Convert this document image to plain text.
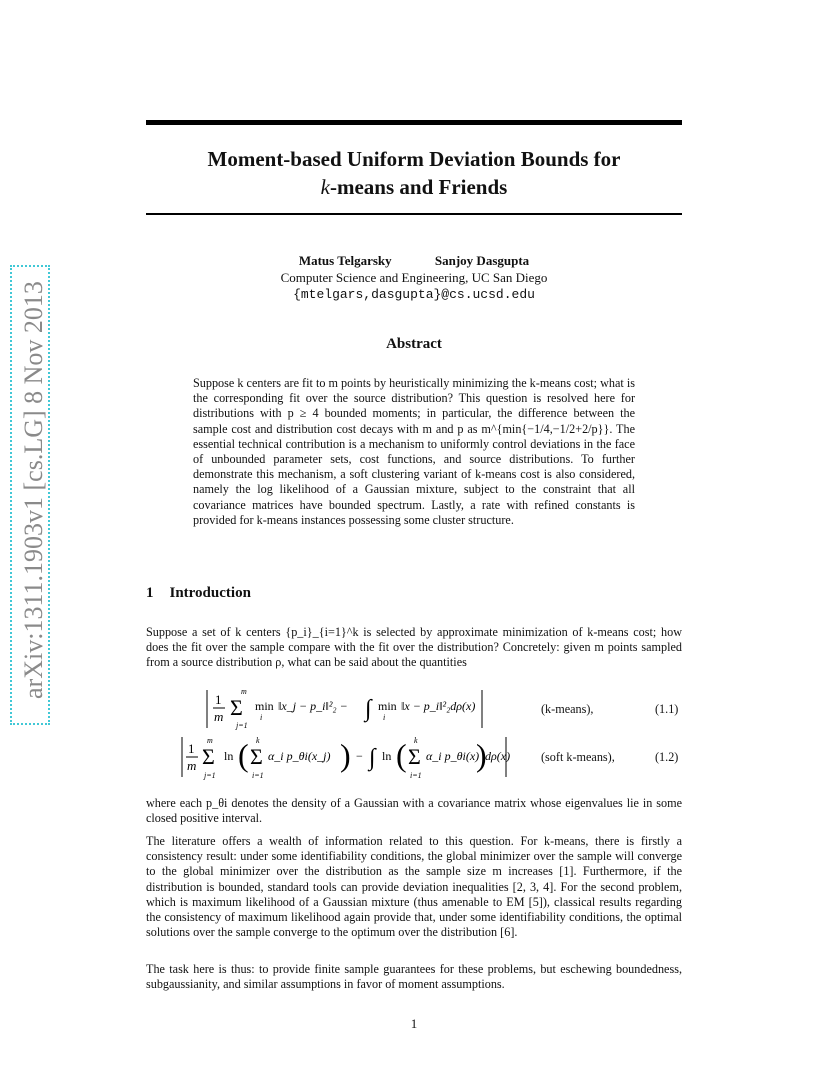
arXiv:1311.1903v1 [cs.LG] 8 Nov 2013
Moment-based Uniform Deviation Bounds for
k-means and Friends
Matus Telgarsky	Sanjoy Dasgupta
Computer Science and Engineering, UC San Diego
{mtelgars,dasgupta}@cs.ucsd.edu
Abstract
Suppose k centers are fit to m points by heuristically minimizing the k-means cost; what is the corresponding fit over the source distribution? This question is resolved here for distributions with p ≥ 4 bounded moments; in particular, the difference between the sample cost and distribution cost decays with m and p as m^{min{−1/4,−1/2+2/p}}. The essential technical contribution is a mechanism to uniformly control deviations in the face of unbounded parameter sets, cost functions, and source distributions. To further demonstrate this mechanism, a soft clustering variant of k-means cost is also considered, namely the log likelihood of a Gaussian mixture, subject to the constraint that all covariance matrices have bounded spectrum. Lastly, a rate with refined constants is provided for k-means instances possessing some cluster structure.
1 Introduction
Suppose a set of k centers {p_i}_{i=1}^k is selected by approximate minimization of k-means cost; how does the fit over the sample compare with the fit over the distribution? Concretely: given m points sampled from a source distribution ρ, what can be said about the quantities
1
m Σ
m
j=1
min
i
‖x_j − p_i‖²₂ − ∫ min
i
‖x − p_i‖²₂dρ(x)	(k-means),	(1.1)
1
m Σ
m
j=1
ln ( Σ
k
i=1
α_i p_θi(x_j) ) − ∫ ln ( Σ
k
i=1
α_i p_θi(x)
)
dρ(x)	(soft k-means),	(1.2)
where each p_θi denotes the density of a Gaussian with a covariance matrix whose eigenvalues lie in some closed positive interval.
The literature offers a wealth of information related to this question. For k-means, there is firstly a consistency result: under some identifiability conditions, the global minimizer over the sample will converge to the global minimizer over the distribution as the sample size m increases [1]. Furthermore, if the distribution is bounded, standard tools can provide deviation inequalities [2, 3, 4]. For the second problem, which is maximum likelihood of a Gaussian mixture (thus amenable to EM [5]), classical results regarding the consistency of maximum likelihood again provide that, under some identifiability conditions, the optimal solutions over the sample converge to the optimum over the distribution [6].
The task here is thus: to provide finite sample guarantees for these problems, but eschewing boundedness, subgaussianity, and similar assumptions in favor of moment assumptions.
1
